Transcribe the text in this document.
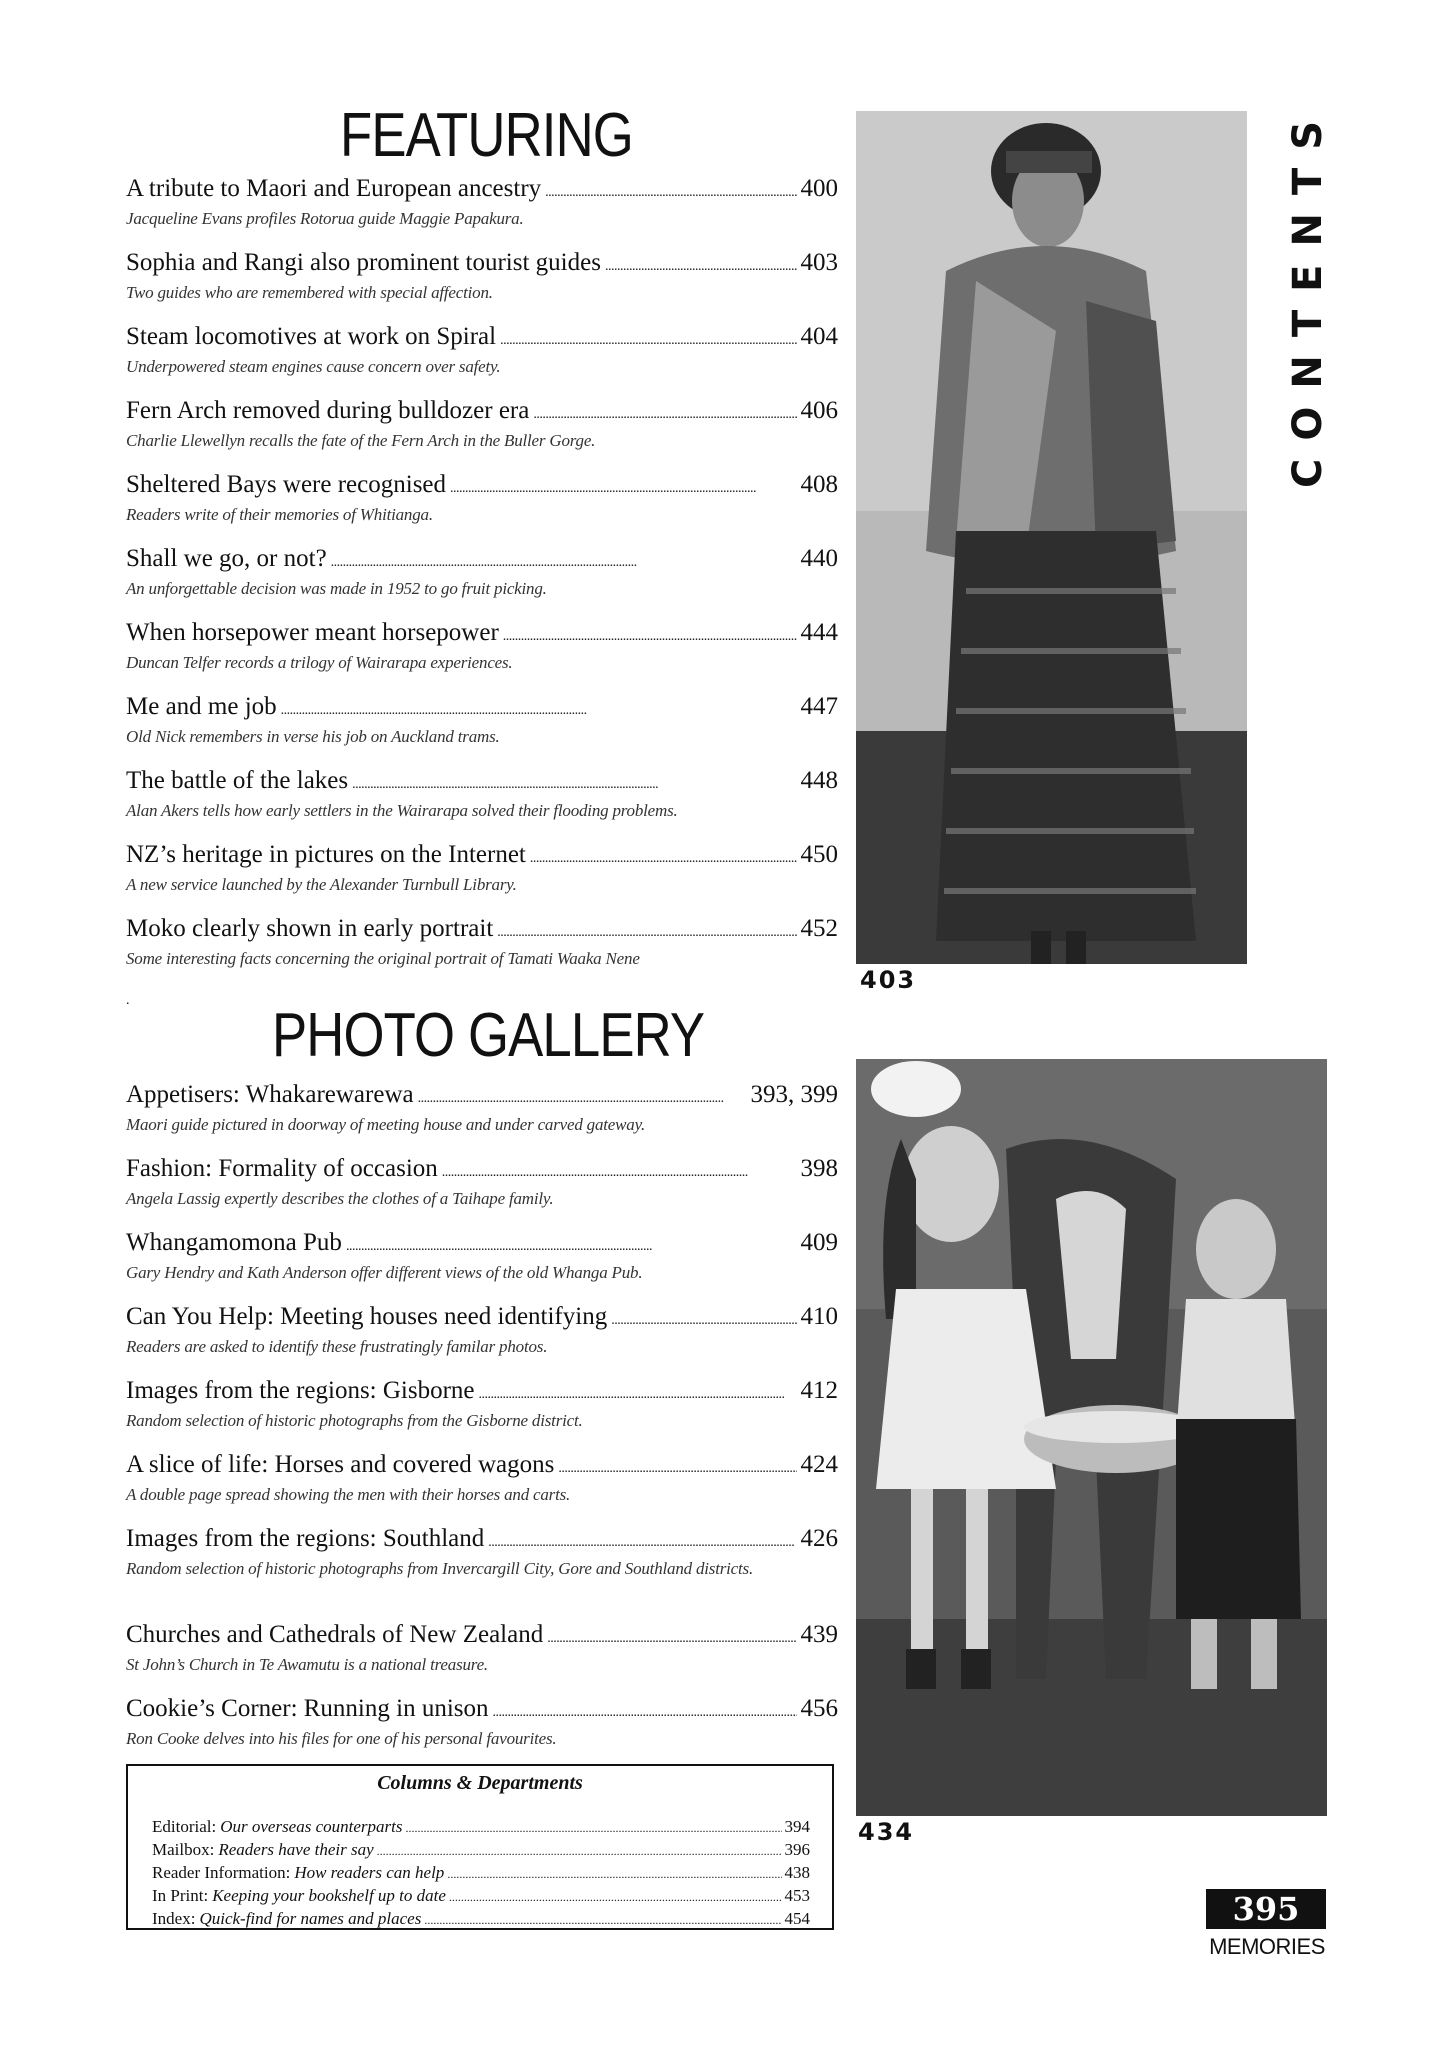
FEATURING
A tribute to Maori and European ancestry . . .	400
Jacqueline Evans profiles Rotorua guide Maggie Papakura.
Sophia and Rangi also prominent tourist guides . . .	403
Two guides who are remembered with special affection.
Steam locomotives at work on Spiral . . .	404
Underpowered steam engines cause concern over safety.
Fern Arch removed during bulldozer era . . .	406
Charlie Llewellyn recalls the fate of the Fern Arch in the Buller Gorge.
Sheltered Bays were recognised . . .	408
Readers write of their memories of Whitianga.
Shall we go, or not? . . .	440
An unforgettable decision was made in 1952 to go fruit picking.
When horsepower meant horsepower . . .	444
Duncan Telfer records a trilogy of Wairarapa experiences.
Me and me job . . .	447
Old Nick remembers in verse his job on Auckland trams.
The battle of the lakes . . .	448
Alan Akers tells how early settlers in the Wairarapa solved their flooding problems.
NZ’s heritage in pictures on the Internet . . .	450
A new service launched by the Alexander Turnbull Library.
Moko clearly shown in early portrait . . .	452
Some interesting facts concerning the original portrait of Tamati Waaka Nene
.
PHOTO GALLERY
Appetisers: Whakarewarewa . . .	393, 399
Maori guide pictured in doorway of meeting house and under carved gateway.
Fashion: Formality of occasion . . .	398
Angela Lassig expertly describes the clothes of a Taihape family.
Whangamomona Pub . . .	409
Gary Hendry and Kath Anderson offer different views of the old Whanga Pub.
Can You Help: Meeting houses need identifying . . .	410
Readers are asked to identify these frustratingly familar photos.
Images from the regions: Gisborne . . .	412
Random selection of historic photographs from the Gisborne district.
A slice of life: Horses and covered wagons . . .	424
A double page spread showing the men with their horses and carts.
Images from the regions: Southland . . .	426
Random selection of historic photographs from Invercargill City, Gore and Southland districts.
Churches and Cathedrals of New Zealand . . .	439
St John’s Church in Te Awamutu is a national treasure.
Cookie’s Corner: Running in unison . . .	456
Ron Cooke delves into his files for one of his personal favourites.
Columns & Departments
Editorial: Our overseas counterparts .....	394
Mailbox: Readers have their say .....	396
Reader Information: How readers can help .....	438
In Print: Keeping your bookshelf up to date .....	453
Index: Quick-find for names and places .....	454
403
434
CONTENTS
395
MEMORIES
